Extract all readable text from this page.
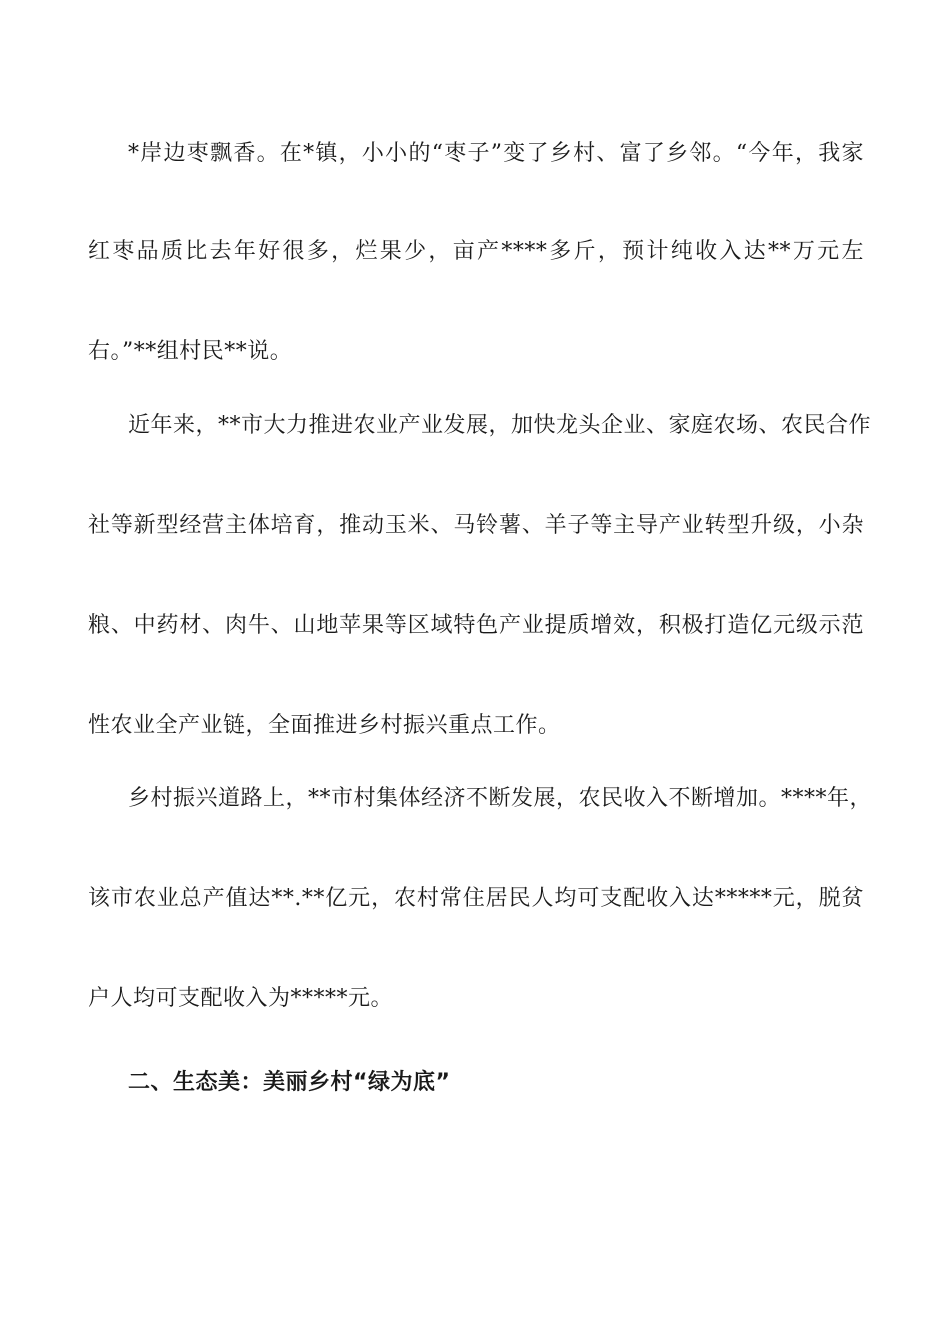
*岸边枣飘香。在*镇，小小的“枣子”变了乡村、富了乡邻。“今年，我家
红枣品质比去年好很多，烂果少，亩产****多斤，预计纯收入达**万元左
右。”**组村民**说。
近年来，**市大力推进农业产业发展，加快龙头企业、家庭农场、农民合作
社等新型经营主体培育，推动玉米、马铃薯、羊子等主导产业转型升级，小杂
粮、中药材、肉牛、山地苹果等区域特色产业提质增效，积极打造亿元级示范
性农业全产业链，全面推进乡村振兴重点工作。
乡村振兴道路上，**市村集体经济不断发展，农民收入不断增加。****年，
该市农业总产值达**.**亿元，农村常住居民人均可支配收入达*****元，脱贫
户人均可支配收入为*****元。
二、生态美：美丽乡村“绿为底”
